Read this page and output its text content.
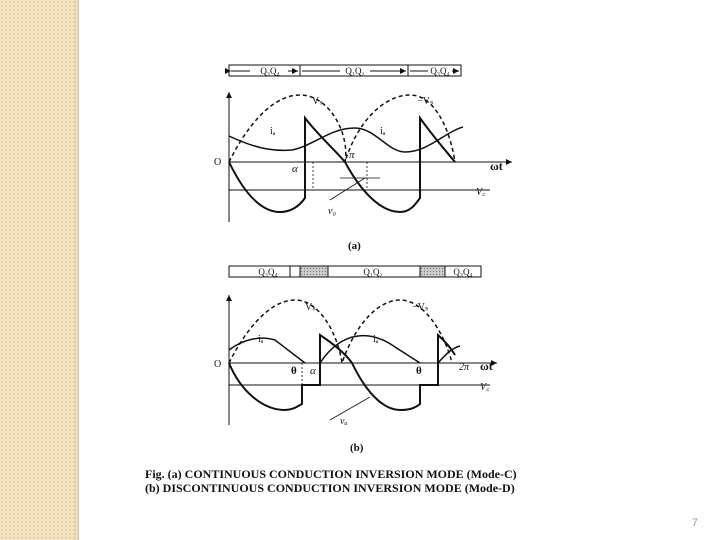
Q₃Q₄	Q₁Q₂	Q₃Q₄
Vₛ	−Vₛ
iₐ	iₐ
O
α
π
ωt
V꜀
v₀
(a)
Q₃Q₄	Q₁Q₂	Q₃Q₄
Vₛ	−Vₛ
iₐ	iₐ
O
θ α	θ	2π ωt
V꜀
vₐ
(b)
Fig. (a) CONTINUOUS CONDUCTION INVERSION MODE (Mode-C)
(b) DISCONTINUOUS CONDUCTION INVERSION MODE (Mode-D)
7
